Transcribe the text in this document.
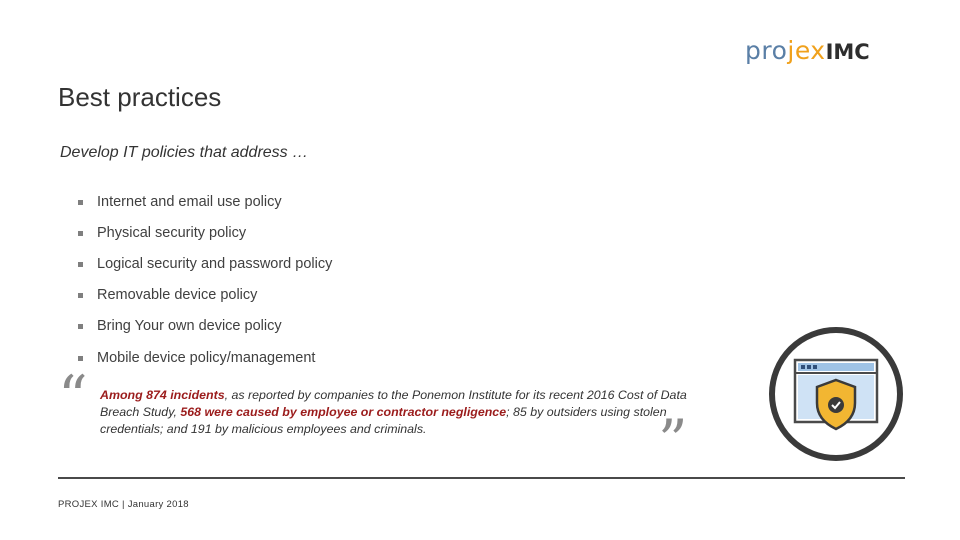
projexIMC
Best practices
Develop IT policies that address …
Internet and email use policy
Physical security policy
Logical security and password policy
Removable device policy
Bring Your own device policy
Mobile device policy/management
“ Among 874 incidents, as reported by companies to the Ponemon Institute for its recent 2016 Cost of Data Breach Study, 568 were caused by employee or contractor negligence; 85 by outsiders using stolen credentials; and 191 by malicious employees and criminals.	”
PROJEX IMC | January 2018
